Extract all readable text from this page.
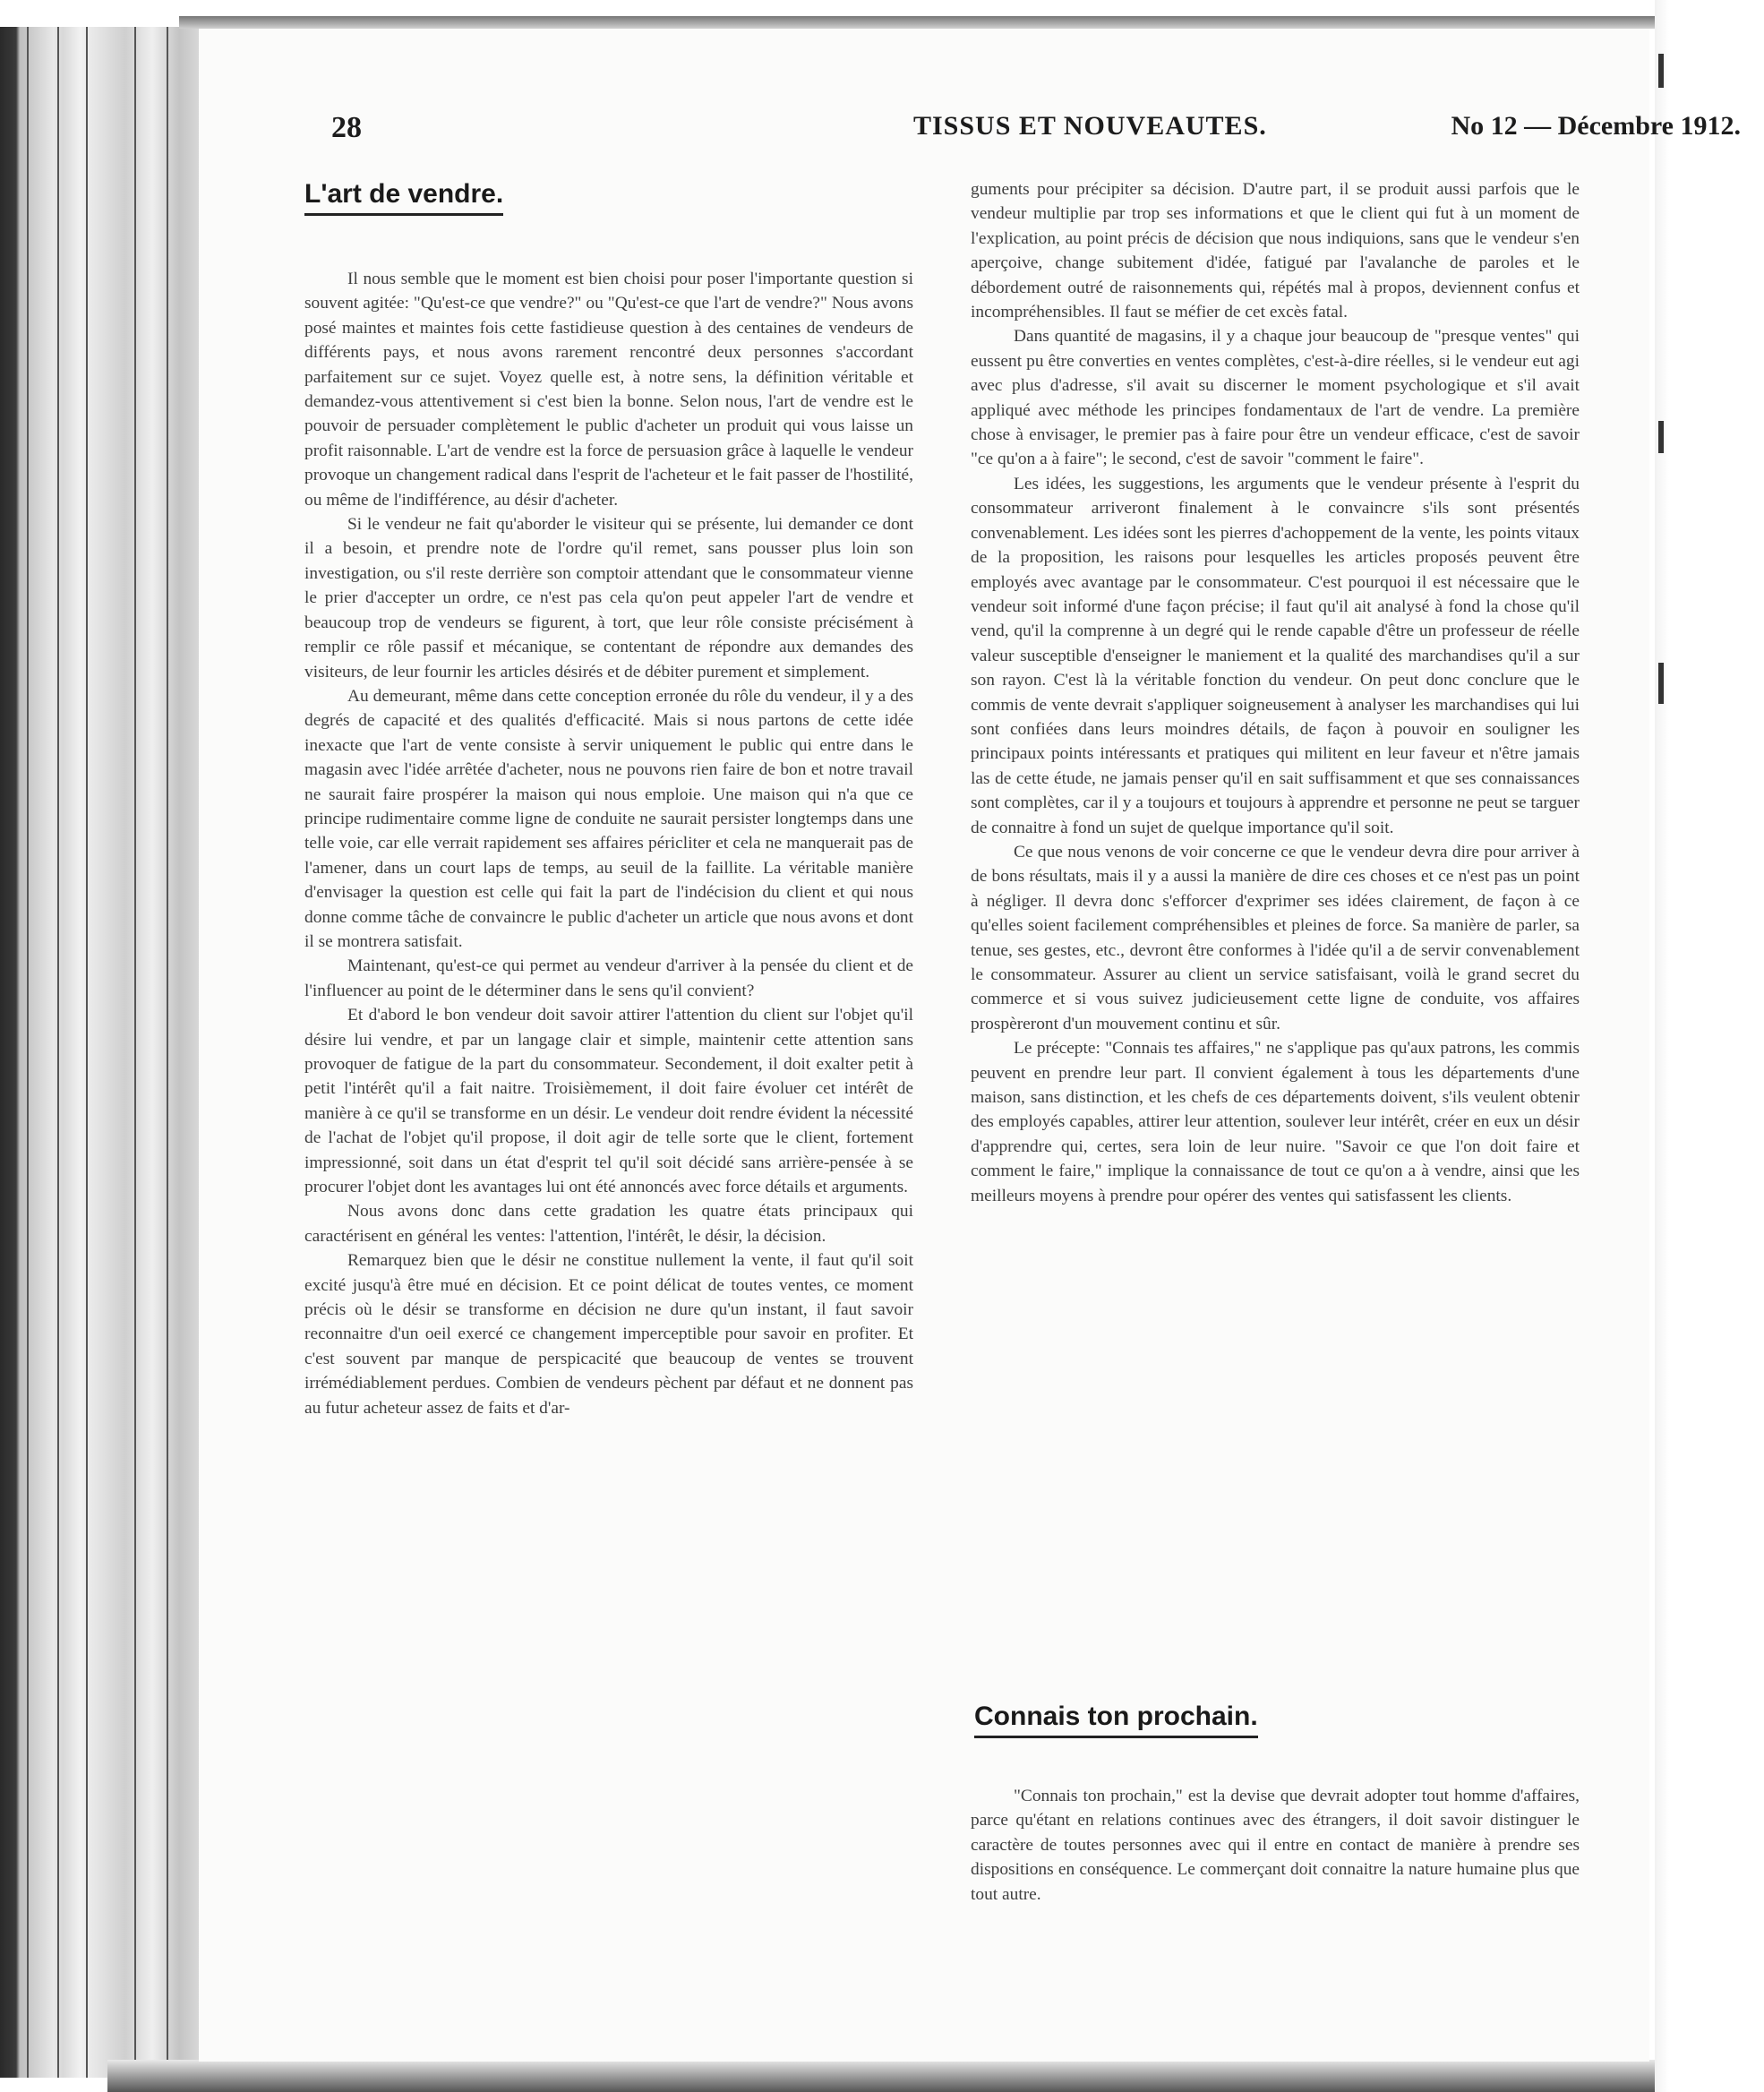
28	TISSUS ET NOUVEAUTES.	No 12 — Décembre 1912.
L'art de vendre.

Il nous semble que le moment est bien choisi pour poser l'importante question si souvent agitée: "Qu'est-ce que vendre?" ou "Qu'est-ce que l'art de vendre?" Nous avons posé maintes et maintes fois cette fastidieuse question à des centaines de vendeurs de différents pays, et nous avons rarement rencontré deux personnes s'accordant parfaitement sur ce sujet. Voyez quelle est, à notre sens, la définition véritable et demandez-vous attentivement si c'est bien la bonne. Selon nous, l'art de vendre est le pouvoir de persuader complètement le public d'acheter un produit qui vous laisse un profit raisonnable. L'art de vendre est la force de persuasion grâce à laquelle le vendeur provoque un changement radical dans l'esprit de l'acheteur et le fait passer de l'hostilité, ou même de l'indifférence, au désir d'acheter.

Si le vendeur ne fait qu'aborder le visiteur qui se présente, lui demander ce dont il a besoin, et prendre note de l'ordre qu'il remet, sans pousser plus loin son investigation, ou s'il reste derrière son comptoir attendant que le consommateur vienne le prier d'accepter un ordre, ce n'est pas cela qu'on peut appeler l'art de vendre et beaucoup trop de vendeurs se figurent, à tort, que leur rôle consiste précisément à remplir ce rôle passif et mécanique, se contentant de répondre aux demandes des visiteurs, de leur fournir les articles désirés et de débiter purement et simplement.

Au demeurant, même dans cette conception erronée du rôle du vendeur, il y a des degrés de capacité et des qualités d'efficacité. Mais si nous partons de cette idée inexacte que l'art de vente consiste à servir uniquement le public qui entre dans le magasin avec l'idée arrêtée d'acheter, nous ne pouvons rien faire de bon et notre travail ne saurait faire prospérer la maison qui nous emploie. Une maison qui n'a que ce principe rudimentaire comme ligne de conduite ne saurait persister longtemps dans une telle voie, car elle verrait rapidement ses affaires péricliter et cela ne manquerait pas de l'amener, dans un court laps de temps, au seuil de la faillite. La véritable manière d'envisager la question est celle qui fait la part de l'indécision du client et qui nous donne comme tâche de convaincre le public d'acheter un article que nous avons et dont il se montrera satisfait.

Maintenant, qu'est-ce qui permet au vendeur d'arriver à la pensée du client et de l'influencer au point de le déterminer dans le sens qu'il convient?

Et d'abord le bon vendeur doit savoir attirer l'attention du client sur l'objet qu'il désire lui vendre, et par un langage clair et simple, maintenir cette attention sans provoquer de fatigue de la part du consommateur. Secondement, il doit exalter petit à petit l'intérêt qu'il a fait naitre. Troisièmement, il doit faire évoluer cet intérêt de manière à ce qu'il se transforme en un désir. Le vendeur doit rendre évident la nécessité de l'achat de l'objet qu'il propose, il doit agir de telle sorte que le client, fortement impressionné, soit dans un état d'esprit tel qu'il soit décidé sans arrière-pensée à se procurer l'objet dont les avantages lui ont été annoncés avec force détails et arguments.

Nous avons donc dans cette gradation les quatre états principaux qui caractérisent en général les ventes: l'attention, l'intérêt, le désir, la décision.

Remarquez bien que le désir ne constitue nullement la vente, il faut qu'il soit excité jusqu'à être mué en décision. Et ce point délicat de toutes ventes, ce moment précis où le désir se transforme en décision ne dure qu'un instant, il faut savoir reconnaitre d'un oeil exercé ce changement imperceptible pour savoir en profiter. Et c'est souvent par manque de perspicacité que beaucoup de ventes se trouvent irrémédiablement perdues. Combien de vendeurs pèchent par défaut et ne donnent pas au futur acheteur assez de faits et d'ar-

guments pour précipiter sa décision. D'autre part, il se produit aussi parfois que le vendeur multiplie par trop ses informations et que le client qui fut à un moment de l'explication, au point précis de décision que nous indiquions, sans que le vendeur s'en aperçoive, change subitement d'idée, fatigué par l'avalanche de paroles et le débordement outré de raisonnements qui, répétés mal à propos, deviennent confus et incompréhensibles. Il faut se méfier de cet excès fatal.

Dans quantité de magasins, il y a chaque jour beaucoup de "presque ventes" qui eussent pu être converties en ventes complètes, c'est-à-dire réelles, si le vendeur eut agi avec plus d'adresse, s'il avait su discerner le moment psychologique et s'il avait appliqué avec méthode les principes fondamentaux de l'art de vendre. La première chose à envisager, le premier pas à faire pour être un vendeur efficace, c'est de savoir "ce qu'on a à faire"; le second, c'est de savoir "comment le faire".

Les idées, les suggestions, les arguments que le vendeur présente à l'esprit du consommateur arriveront finalement à le convaincre s'ils sont présentés convenablement. Les idées sont les pierres d'achoppement de la vente, les points vitaux de la proposition, les raisons pour lesquelles les articles proposés peuvent être employés avec avantage par le consommateur. C'est pourquoi il est nécessaire que le vendeur soit informé d'une façon précise; il faut qu'il ait analysé à fond la chose qu'il vend, qu'il la comprenne à un degré qui le rende capable d'être un professeur de réelle valeur susceptible d'enseigner le maniement et la qualité des marchandises qu'il a sur son rayon. C'est là la véritable fonction du vendeur. On peut donc conclure que le commis de vente devrait s'appliquer soigneusement à analyser les marchandises qui lui sont confiées dans leurs moindres détails, de façon à pouvoir en souligner les principaux points intéressants et pratiques qui militent en leur faveur et n'être jamais las de cette étude, ne jamais penser qu'il en sait suffisamment et que ses connaissances sont complètes, car il y a toujours et toujours à apprendre et personne ne peut se targuer de connaitre à fond un sujet de quelque importance qu'il soit.

Ce que nous venons de voir concerne ce que le vendeur devra dire pour arriver à de bons résultats, mais il y a aussi la manière de dire ces choses et ce n'est pas un point à négliger. Il devra donc s'efforcer d'exprimer ses idées clairement, de façon à ce qu'elles soient facilement compréhensibles et pleines de force. Sa manière de parler, sa tenue, ses gestes, etc., devront être conformes à l'idée qu'il a de servir convenablement le consommateur. Assurer au client un service satisfaisant, voilà le grand secret du commerce et si vous suivez judicieusement cette ligne de conduite, vos affaires prospèreront d'un mouvement continu et sûr.

Le précepte: "Connais tes affaires," ne s'applique pas qu'aux patrons, les commis peuvent en prendre leur part. Il convient également à tous les départements d'une maison, sans distinction, et les chefs de ces départements doivent, s'ils veulent obtenir des employés capables, attirer leur attention, soulever leur intérêt, créer en eux un désir d'apprendre qui, certes, sera loin de leur nuire. "Savoir ce que l'on doit faire et comment le faire," implique la connaissance de tout ce qu'on a à vendre, ainsi que les meilleurs moyens à prendre pour opérer des ventes qui satisfassent les clients.

Connais ton prochain.

"Connais ton prochain," est la devise que devrait adopter tout homme d'affaires, parce qu'étant en relations continues avec des étrangers, il doit savoir distinguer le caractère de toutes personnes avec qui il entre en contact de manière à prendre ses dispositions en conséquence. Le commerçant doit connaitre la nature humaine plus que tout autre.
